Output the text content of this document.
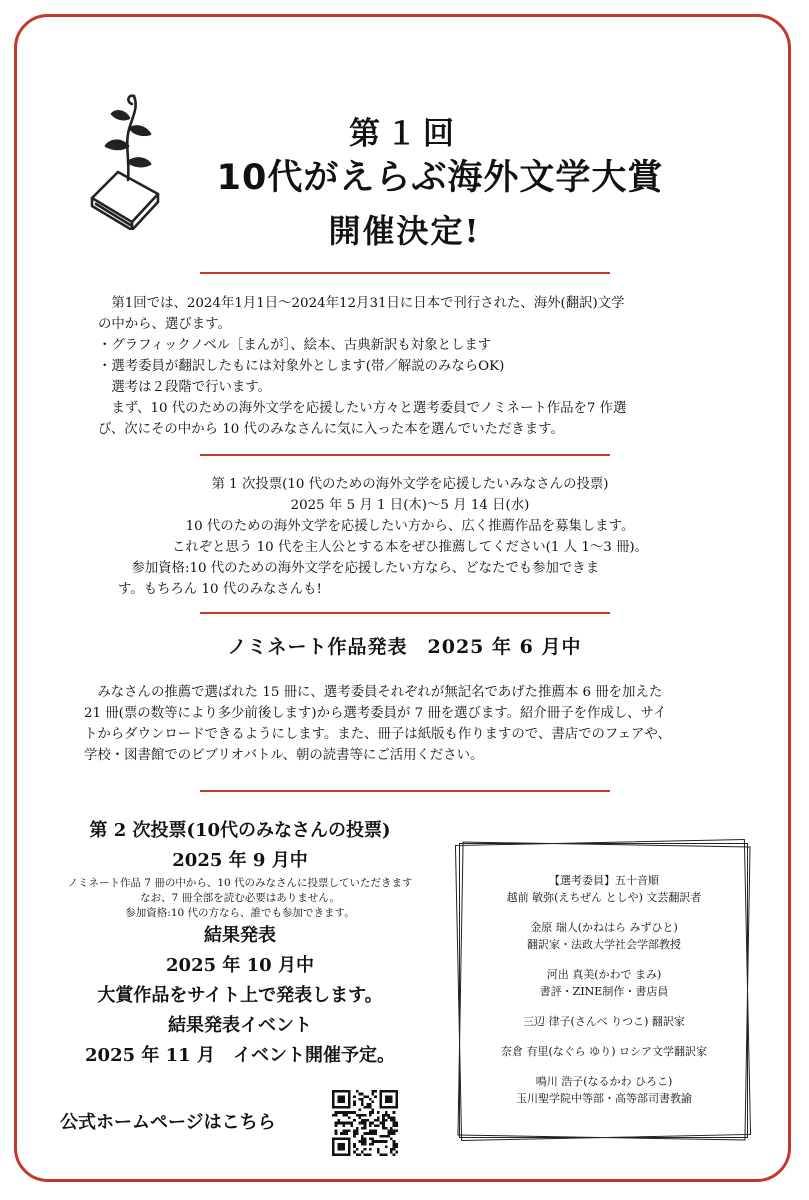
第１回
10代がえらぶ海外文学大賞
開催決定!

　第1回では、2024年1月1日～2024年12月31日に日本で刊行された、海外(翻訳)文学

の中から、選びます。

・グラフィックノベル［まんが］、絵本、古典新訳も対象とします

・選考委員が翻訳したもには対象外とします(帯／解説のみならOK)

　選考は２段階で行います。

　まず、10 代のための海外文学を応援したい方々と選考委員でノミネート作品を7 作選

び、次にその中から 10 代のみなさんに気に入った本を選んでいただきます。

第 1 次投票(10 代のための海外文学を応援したいみなさんの投票)

2025 年 5 月 1 日(木)～5 月 14 日(水)

10 代のための海外文学を応援したい方から、広く推薦作品を募集します。

これぞと思う 10 代を主人公とする本をぜひ推薦してください(1 人 1～3 冊)。

　参加資格:10 代のための海外文学を応援したい方なら、どなたでも参加できま

す。もちろん 10 代のみなさんも!

ノミネート作品発表　2025 年 6 月中

　みなさんの推薦で選ばれた 15 冊に、選考委員それぞれが無記名であげた推薦本 6 冊を加えた

21 冊(票の数等により多少前後します)から選考委員が 7 冊を選びます。紹介冊子を作成し、サイ

トからダウンロードできるようにします。また、冊子は紙版も作りますので、書店でのフェアや、

学校・図書館でのビブリオバトル、朝の読書等にご活用ください。

第 2 次投票(10代のみなさんの投票)
2025 年 9 月中
ノミネート作品 7 冊の中から、10 代のみなさんに投票していただきます
なお、7 冊全部を読む必要はありません。
参加資格:10 代の方なら、誰でも参加できます。
結果発表
2025 年 10 月中
大賞作品をサイト上で発表します。
結果発表イベント
2025 年 11 月　イベント開催予定。
【選考委員】五十音順
越前 敏弥(えちぜん としや) 文芸翻訳者
金原 瑞人(かねはら みずひと)
翻訳家・法政大学社会学部教授
河出 真美(かわで まみ)
書評・ZINE制作・書店員
三辺 律子(さんべ りつこ) 翻訳家
奈倉 有里(なぐら ゆり) ロシア文学翻訳家
鳴川 浩子(なるかわ ひろこ)
玉川聖学院中等部・高等部司書教諭
公式ホームページはこちら
